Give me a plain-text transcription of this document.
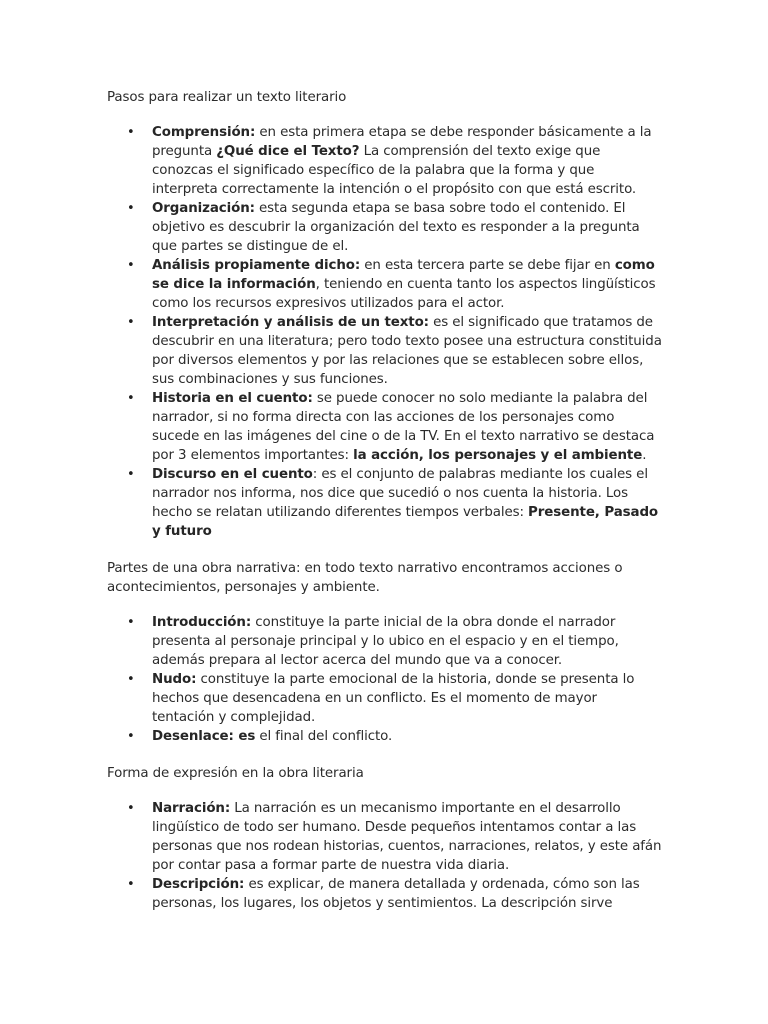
Pasos para realizar un texto literario

• Comprensión: en esta primera etapa se debe responder básicamente a la pregunta ¿Qué dice el Texto? La comprensión del texto exige que conozcas el significado específico de la palabra que la forma y que interpreta correctamente la intención o el propósito con que está escrito.
• Organización: esta segunda etapa se basa sobre todo el contenido. El objetivo es descubrir la organización del texto es responder a la pregunta que partes se distingue de el.
• Análisis propiamente dicho: en esta tercera parte se debe fijar en como se dice la información, teniendo en cuenta tanto los aspectos lingüísticos como los recursos expresivos utilizados para el actor.
• Interpretación y análisis de un texto: es el significado que tratamos de descubrir en una literatura; pero todo texto posee una estructura constituida por diversos elementos y por las relaciones que se establecen sobre ellos, sus combinaciones y sus funciones.
• Historia en el cuento: se puede conocer no solo mediante la palabra del narrador, si no forma directa con las acciones de los personajes como sucede en las imágenes del cine o de la TV. En el texto narrativo se destaca por 3 elementos importantes: la acción, los personajes y el ambiente.
• Discurso en el cuento: es el conjunto de palabras mediante los cuales el narrador nos informa, nos dice que sucedió o nos cuenta la historia. Los hecho se relatan utilizando diferentes tiempos verbales: Presente, Pasado y futuro

Partes de una obra narrativa: en todo texto narrativo encontramos acciones o acontecimientos, personajes y ambiente.

• Introducción: constituye la parte inicial de la obra donde el narrador presenta al personaje principal y lo ubico en el espacio y en el tiempo, además prepara al lector acerca del mundo que va a conocer.
• Nudo: constituye la parte emocional de la historia, donde se presenta lo hechos que desencadena en un conflicto. Es el momento de mayor tentación y complejidad.
• Desenlace: es el final del conflicto.

Forma de expresión en la obra literaria

• Narración: La narración es un mecanismo importante en el desarrollo lingüístico de todo ser humano. Desde pequeños intentamos contar a las personas que nos rodean historias, cuentos, narraciones, relatos, y este afán por contar pasa a formar parte de nuestra vida diaria.
• Descripción: es explicar, de manera detallada y ordenada, cómo son las personas, los lugares, los objetos y sentimientos. La descripción sirve
